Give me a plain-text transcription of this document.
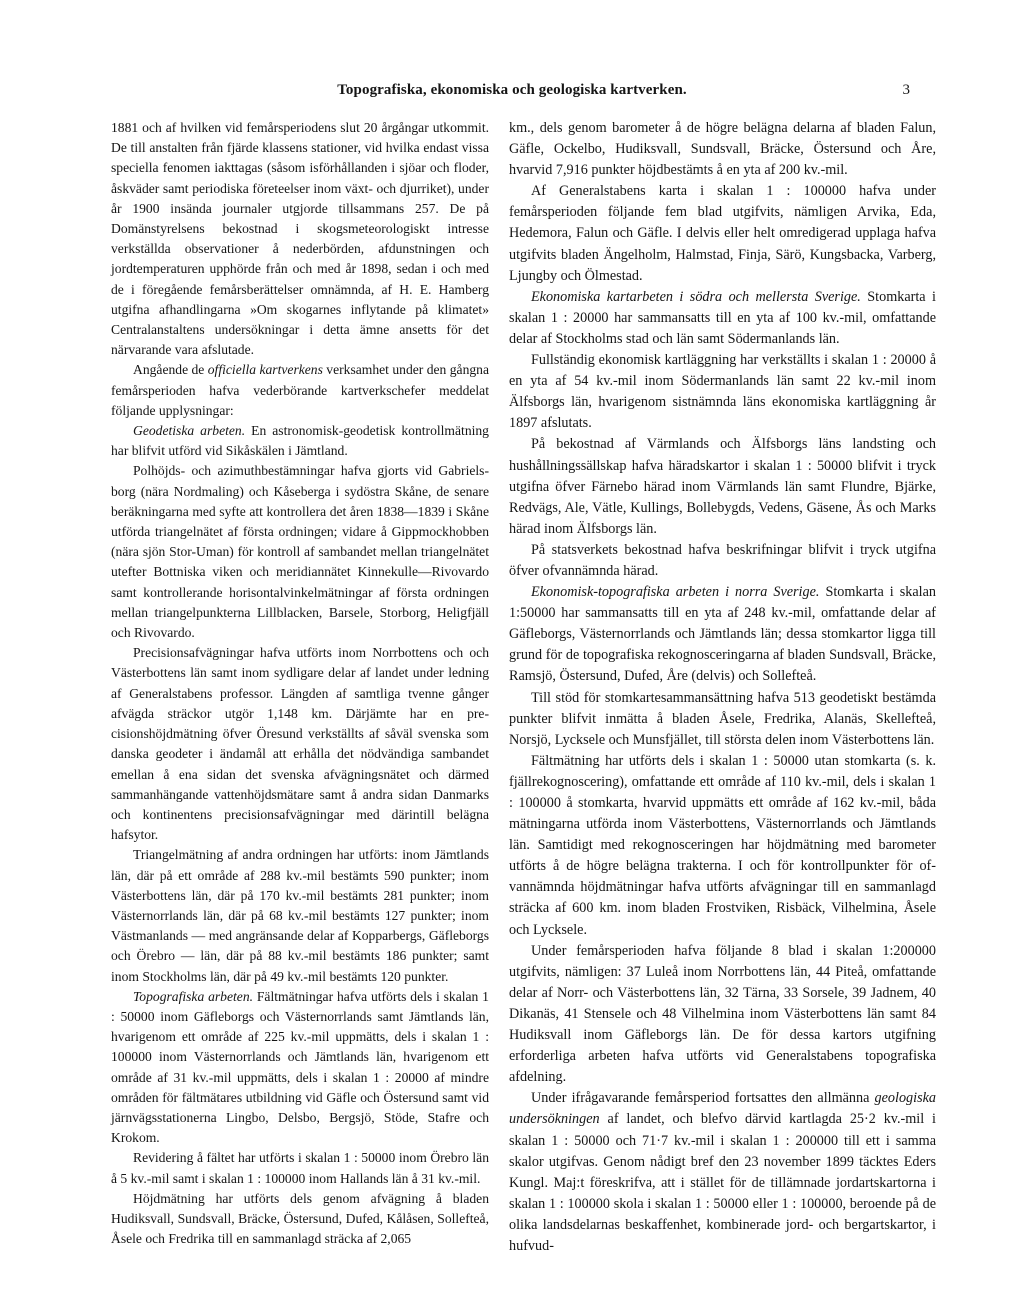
Topografiska, ekonomiska och geologiska kartverken.	3

1881 och af hvilken vid femårsperiodens slut 20 årgångar utkommit. De till anstalten från fjärde klassens stationer, vid hvilka endast vissa speciella fenomen iakttagas (såsom isförhållanden i sjöar och floder, åskväder samt periodiska företeelser inom växt- och djurriket), under år 1900 insända journaler utgjorde tillsammans 257. De på Domänstyrelsens bekostnad i skogsmeteorologiskt intresse verkställda observationer å nederbörden, afdunstningen och jordtemperaturen upphörde från och med år 1898, sedan i och med de i föregående femårsberättelser omnämnda, af H. E. Hamberg utgifna afhandlingarna »Om skogarnes inflytande på klimatet» Centralanstaltens undersökningar i detta ämne ansetts för det närvarande vara afslutade.

Angående de officiella kartverkens verksamhet under den gångna femårsperioden hafva vederbörande kartverkschefer meddelat följande upplysningar:

Geodetiska arbeten. En astronomisk-geodetisk kontrollmätning har blifvit utförd vid Sikåskälen i Jämtland.

Polhöjds- och azimuthbestämningar hafva gjorts vid Gabrielsborg (nära Nordmaling) och Kåseberga i sydöstra Skåne, de senare beräkningarna med syfte att kontrollera det åren 1838—1839 i Skåne utförda triangelnätet af första ordningen; vidare å Gippmockhobben (nära sjön Stor-Uman) för kontroll af sambandet mellan triangelnätet utefter Bottniska viken och meridiannätet Kinnekulle—Rivovardo samt kontrollerande horisontalvinkelmätningar af första ordningen mellan triangelpunkterna Lillblacken, Barsele, Storborg, Heligfjäll och Rivovardo.

Precisionsafvägningar hafva utförts inom Norrbottens och och Västerbottens län samt inom sydligare delar af landet under ledning af Generalstabens professor. Längden af samtliga tvenne gånger afvägda sträckor utgör 1,148 km. Därjämte har en precisionshöjdmätning öfver Öresund verkställts af såväl svenska som danska geodeter i ändamål att erhålla det nödvändiga sambandet emellan å ena sidan det svenska afvägningsnätet och därmed sammanhängande vattenhöjdsmätare samt å andra sidan Danmarks och kontinentens precisionsafvägningar med därintill belägna hafsytor.

Triangelmätning af andra ordningen har utförts: inom Jämtlands län, där på ett område af 288 kv.-mil bestämts 590 punkter; inom Västerbottens län, där på 170 kv.-mil bestämts 281 punkter; inom Västernorrlands län, där på 68 kv.-mil bestämts 127 punkter; inom Västmanlands — med angränsande delar af Kopparbergs, Gäfleborgs och Örebro — län, där på 88 kv.-mil bestämts 186 punkter; samt inom Stockholms län, där på 49 kv.-mil bestämts 120 punkter.

Topografiska arbeten. Fältmätningar hafva utförts dels i skalan 1 : 50000 inom Gäfleborgs och Västernorrlands samt Jämtlands län, hvarigenom ett område af 225 kv.-mil uppmätts, dels i skalan 1 : 100000 inom Västernorrlands och Jämtlands län, hvarigenom ett område af 31 kv.-mil uppmätts, dels i skalan 1 : 20000 af mindre områden för fältmätares utbildning vid Gäfle och Östersund samt vid järnvägsstationerna Lingbo, Delsbo, Bergsjö, Stöde, Stafre och Krokom.

Revidering å fältet har utförts i skalan 1 : 50000 inom Örebro län å 5 kv.-mil samt i skalan 1 : 100000 inom Hallands län å 31 kv.-mil.

Höjdmätning har utförts dels genom afvägning å bladen Hudiksvall, Sundsvall, Bräcke, Östersund, Dufed, Kålåsen, Sollefteå, Åsele och Fredrika till en sammanlagd sträcka af 2,065

km., dels genom barometer å de högre belägna delarna af bladen Falun, Gäfle, Ockelbo, Hudiksvall, Sundsvall, Bräcke, Östersund och Åre, hvarvid 7,916 punkter höjdbestämts å en yta af 200 kv.-mil.

Af Generalstabens karta i skalan 1 : 100000 hafva under femårsperioden följande fem blad utgifvits, nämligen Arvika, Eda, Hedemora, Falun och Gäfle. I delvis eller helt omredigerad upplaga hafva utgifvits bladen Ängelholm, Halmstad, Finja, Särö, Kungsbacka, Varberg, Ljungby och Ölmestad.

Ekonomiska kartarbeten i södra och mellersta Sverige. Stomkarta i skalan 1 : 20000 har sammansatts till en yta af 100 kv.-mil, omfattande delar af Stockholms stad och län samt Södermanlands län.

Fullständig ekonomisk kartläggning har verkställts i skalan 1 : 20000 å en yta af 54 kv.-mil inom Södermanlands län samt 22 kv.-mil inom Älfsborgs län, hvarigenom sistnämnda läns ekonomiska kartläggning år 1897 afslutats.

På bekostnad af Värmlands och Älfsborgs läns landsting och hushållningssällskap hafva häradskartor i skalan 1 : 50000 blifvit i tryck utgifna öfver Färnebo härad inom Värmlands län samt Flundre, Bjärke, Redvägs, Ale, Vätle, Kullings, Bollebygds, Vedens, Gäsene, Ås och Marks härad inom Älfsborgs län.

På statsverkets bekostnad hafva beskrifningar blifvit i tryck utgifna öfver ofvannämnda härad.

Ekonomisk-topografiska arbeten i norra Sverige. Stomkarta i skalan 1:50000 har sammansatts till en yta af 248 kv.-mil, omfattande delar af Gäfleborgs, Västernorrlands och Jämtlands län; dessa stomkartor ligga till grund för de topografiska rekognosceringarna af bladen Sundsvall, Bräcke, Ramsjö, Östersund, Dufed, Åre (delvis) och Sollefteå.

Till stöd för stomkartesammansättning hafva 513 geodetiskt bestämda punkter blifvit inmätta å bladen Åsele, Fredrika, Alanäs, Skellefteå, Norsjö, Lycksele och Munsfjället, till största delen inom Västerbottens län.

Fältmätning har utförts dels i skalan 1 : 50000 utan stomkarta (s. k. fjällrekognoscering), omfattande ett område af 110 kv.-mil, dels i skalan 1 : 100000 å stomkarta, hvarvid uppmätts ett område af 162 kv.-mil, båda mätningarna utförda inom Västerbottens, Västernorrlands och Jämtlands län. Samtidigt med rekognosceringen har höjdmätning med barometer utförts å de högre belägna trakterna. I och för kontrollpunkter för ofvannämnda höjdmätningar hafva utförts afvägningar till en sammanlagd sträcka af 600 km. inom bladen Frostviken, Risbäck, Vilhelmina, Åsele och Lycksele.

Under femårsperioden hafva följande 8 blad i skalan 1:200000 utgifvits, nämligen: 37 Luleå inom Norrbottens län, 44 Piteå, omfattande delar af Norr- och Västerbottens län, 32 Tärna, 33 Sorsele, 39 Jadnem, 40 Dikanäs, 41 Stensele och 48 Vilhelmina inom Västerbottens län samt 84 Hudiksvall inom Gäfleborgs län. De för dessa kartors utgifning erforderliga arbeten hafva utförts vid Generalstabens topografiska afdelning.

Under ifrågavarande femårsperiod fortsattes den allmänna geologiska undersökningen af landet, och blefvo därvid kartlagda 25·2 kv.-mil i skalan 1 : 50000 och 71·7 kv.-mil i skalan 1 : 200000 till ett i samma skalor utgifvas. Genom nådigt bref den 23 november 1899 täcktes Eders Kungl. Maj:t föreskrifva, att i stället för de tillämnade jordartskartorna i skalan 1 : 100000 skola i skalan 1 : 50000 eller 1 : 100000, beroende på de olika landsdelarnas beskaffenhet, kombinerade jord- och bergartskartor, i hufvud-
